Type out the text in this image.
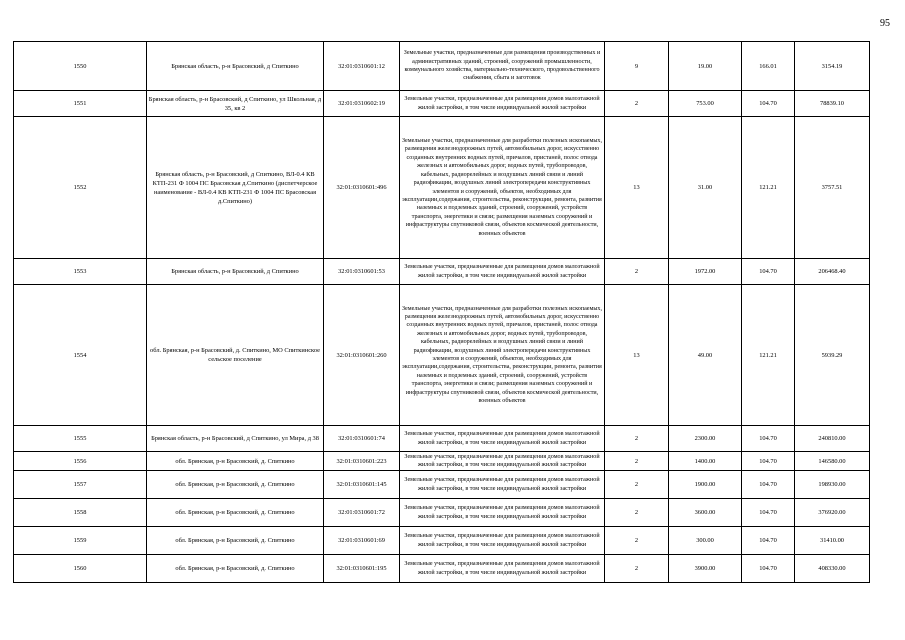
95
1550	Брянская область, р-н Брасовский, д Спиткино	32:01:0310601:12	Земельные участки, предназначенные для размещения производственных и административных зданий, строений, сооружений промышленности, коммунального хозяйства, материально-технического, продовольственного снабжения, сбыта и заготовок	9	19.00	166.01	3154.19
1551	Брянская область, р-н Брасовский, д Спиткино, ул Школьная, д 35, кв 2	32:01:0310602:19	Земельные участки, предназначенные для размещения домов малоэтажной жилой застройки, в том числе индивидуальной жилой застройки	2	753.00	104.70	78839.10
1552	Брянская область, р-н Брасовский, д Спиткино, ВЛ-0.4 КВ КТП-231 Ф 1004 ПС Брасовская д.Спиткино (диспетчерское наименование - ВЛ-0.4 КВ КТП-231 Ф 1004 ПС Брасовская д.Спиткино)	32:01:0310601:496	Земельные участки, предназначенные для разработки полезных ископаемых, размещения железнодорожных путей, автомобильных дорог, искусственно созданных внутренних водных путей, причалов, пристаней, полос отвода железных и автомобильных дорог, водных путей, трубопроводов, кабельных, радиорелейных и воздушных линий связи и линий радиофикации, воздушных линий электропередачи конструктивных элементов и сооружений, объектов, необходимых для эксплуатации,содержания, строительства, реконструкции, ремонта, развития наземных и подземных зданий, строений, сооружений, устройств транспорта, энергетики и связи; размещения наземных сооружений и инфраструктуры спутниковой связи, объектов космической деятельности, военных объектов	13	31.00	121.21	3757.51
1553	Брянская область, р-н Брасовский, д Спиткино	32:01:0310601:53	Земельные участки, предназначенные для размещения домов малоэтажной жилой застройки, в том числе индивидуальной жилой застройки	2	1972.00	104.70	206468.40
1554	обл. Брянская, р-н Брасовский, д. Спиткино, МО Спиткинское сельское поселение	32:01:0310601:260	Земельные участки, предназначенные для разработки полезных ископаемых, размещения железнодорожных путей, автомобильных дорог, искусственно созданных внутренних водных путей, причалов, пристаней, полос отвода железных и автомобильных дорог, водных путей, трубопроводов, кабельных, радиорелейных и воздушных линий связи и линий радиофикации, воздушных линий электропередачи конструктивных элементов и сооружений, объектов, необходимых для эксплуатации,содержания, строительства, реконструкции, ремонта, развития наземных и подземных зданий, строений, сооружений, устройств транспорта, энергетики и связи; размещения наземных сооружений и инфраструктуры спутниковой связи, объектов космической деятельности, военных объектов	13	49.00	121.21	5939.29
1555	Брянская область, р-н Брасовский, д Спиткино, ул Мира, д 38	32:01:0310601:74	Земельные участки, предназначенные для размещения домов малоэтажной жилой застройки, в том числе индивидуальной жилой застройки	2	2300.00	104.70	240810.00
1556	обл. Брянская, р-н Брасовский, д. Спиткино	32:01:0310601:223	Земельные участки, предназначенные для размещения домов малоэтажной жилой застройки, в том числе индивидуальной жилой застройки	2	1400.00	104.70	146580.00
1557	обл. Брянская, р-н Брасовский, д. Спиткино	32:01:0310601:145	Земельные участки, предназначенные для размещения домов малоэтажной жилой застройки, в том числе индивидуальной жилой застройки	2	1900.00	104.70	198930.00
1558	обл. Брянская, р-н Брасовский, д. Спиткино	32:01:0310601:72	Земельные участки, предназначенные для размещения домов малоэтажной жилой застройки, в том числе индивидуальной жилой застройки	2	3600.00	104.70	376920.00
1559	обл. Брянская, р-н Брасовский, д. Спиткино	32:01:0310601:69	Земельные участки, предназначенные для размещения домов малоэтажной жилой застройки, в том числе индивидуальной жилой застройки	2	300.00	104.70	31410.00
1560	обл. Брянская, р-н Брасовский, д. Спиткино	32:01:0310601:195	Земельные участки, предназначенные для размещения домов малоэтажной жилой застройки, в том числе индивидуальной жилой застройки	2	3900.00	104.70	408330.00
